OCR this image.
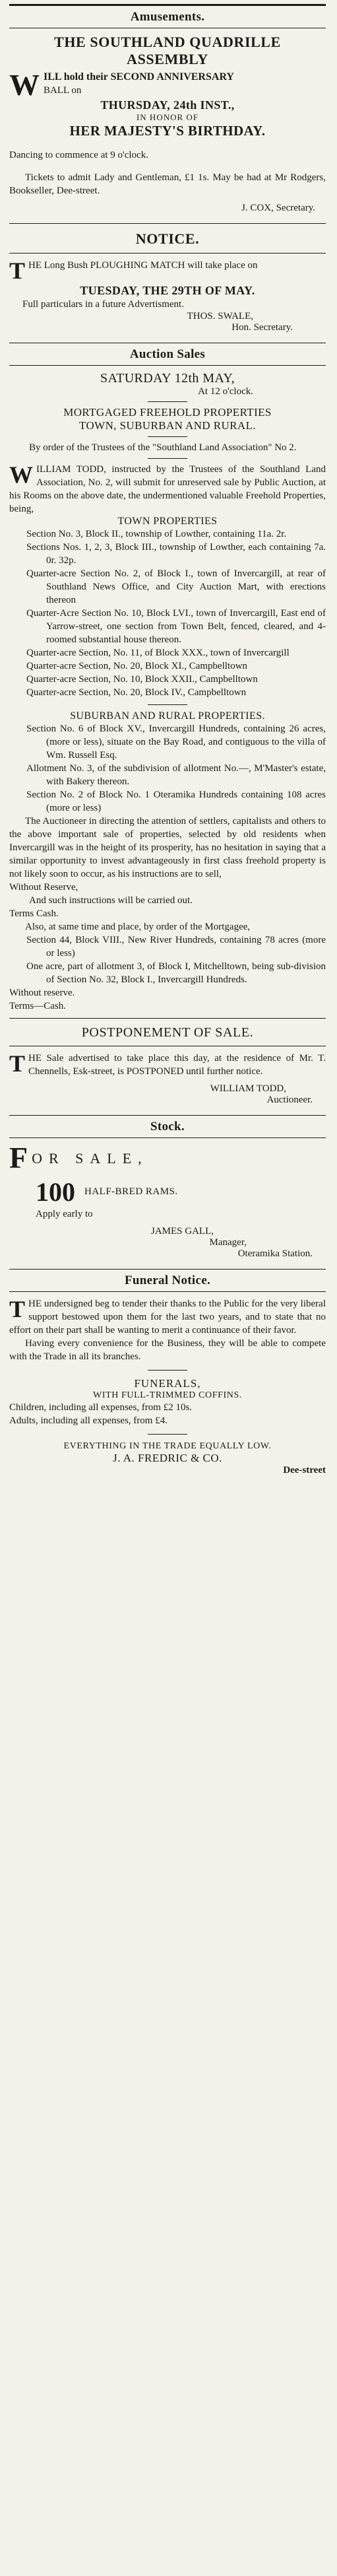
Amusements.
THE SOUTHLAND QUADRILLE ASSEMBLY
W ILL hold their SECOND ANNIVERSARY

BALL on

THURSDAY, 24th INST.,
IN HONOR OF
HER MAJESTY'S BIRTHDAY.

Dancing to commence at 9 o'clock.

Tickets to admit Lady and Gentleman, £1 1s. May be had at Mr Rodgers, Bookseller, Dee-street.

J. COX, Secretary.
NOTICE.
T HE Long Bush PLOUGHING MATCH will take place on

TUESDAY, THE 29TH OF MAY.

Full particulars in a future Advertisment.

THOS. SWALE,
Hon. Secretary.
Auction Sales
SATURDAY 12th MAY,
At 12 o'clock.
MORTGAGED FREEHOLD PROPERTIES
TOWN, SUBURBAN AND RURAL.

By order of the Trustees of the "Southland Land Association" No 2.

W ILLIAM TODD, instructed by the Trustees of the Southland Land Association, No. 2, will submit for unreserved sale by Public Auction, at his Rooms on the above date, the undermentioned valuable Freehold Properties, being,

TOWN PROPERTIES

Section No. 3, Block II., township of Lowther, containing 11a. 2r.

Sections Nos. 1, 2, 3, Block III., township of Lowther, each containing 7a. 0r. 32p.

Quarter-acre Section No. 2, of Block I., town of Invercargill, at rear of Southland News Office, and City Auction Mart, with erections thereon

Quarter-Acre Section No. 10, Block LVI., town of Invercargill, East end of Yarrow-street, one section from Town Belt, fenced, cleared, and 4-roomed substantial house thereon.

Quarter-acre Section, No. 11, of Block XXX., town of Invercargill

Quarter-acre Section, No. 20, Block XI., Campbelltown

Quarter-acre Section, No. 10, Block XXII., Campbelltown

Quarter-acre Section, No. 20, Block IV., Campbelltown

SUBURBAN AND RURAL PROPERTIES.

Section No. 6 of Block XV., Invercargill Hundreds, containing 26 acres, (more or less), situate on the Bay Road, and contiguous to the villa of Wm. Russell Esq.

Allotment No. 3, of the subdivision of allotment No.—, M'Master's estate, with Bakery thereon.

Section No. 2 of Block No. 1 Oteramika Hundreds containing 108 acres (more or less)

The Auctioneer in directing the attention of settlers, capitalists and others to the above important sale of properties, selected by old residents when Invercargill was in the height of its prosperity, has no hesitation in saying that a similar opportunity to invest advantageously in first class freehold property is not likely soon to occur, as his instructions are to sell,

Without Reserve,

And such instructions will be carried out.

Terms Cash.

Also, at same time and place, by order of the Mortgagee,

Section 44, Block VIII., New River Hundreds, containing 78 acres (more or less)

One acre, part of allotment 3, of Block I, Mitchelltown, being sub-division of Section No. 32, Block I., Invercargill Hundreds.

Without reserve.

Terms—Cash.

POSTPONEMENT OF SALE.
T HE Sale advertised to take place this day, at the residence of Mr. T. Chennells, Esk-street, is POSTPONED until further notice.

WILLIAM TODD,
Auctioneer.
Stock.
F OR SALE,
100 HALF-BRED RAMS.

Apply early to

JAMES GALL,
Manager,
Oteramika Station.
Funeral Notice.
T HE undersigned beg to tender their thanks to the Public for the very liberal support bestowed upon them for the last two years, and to state that no effort on their part shall be wanting to merit a continuance of their favor.

Having every convenience for the Business, they will be able to compete with the Trade in all its branches.

FUNERALS,
WITH FULL-TRIMMED COFFINS.

Children, including all expenses, from £2 10s.

Adults, including all expenses, from £4.

EVERYTHING IN THE TRADE EQUALLY LOW.
J. A. FREDRIC & CO.
Dee-street
